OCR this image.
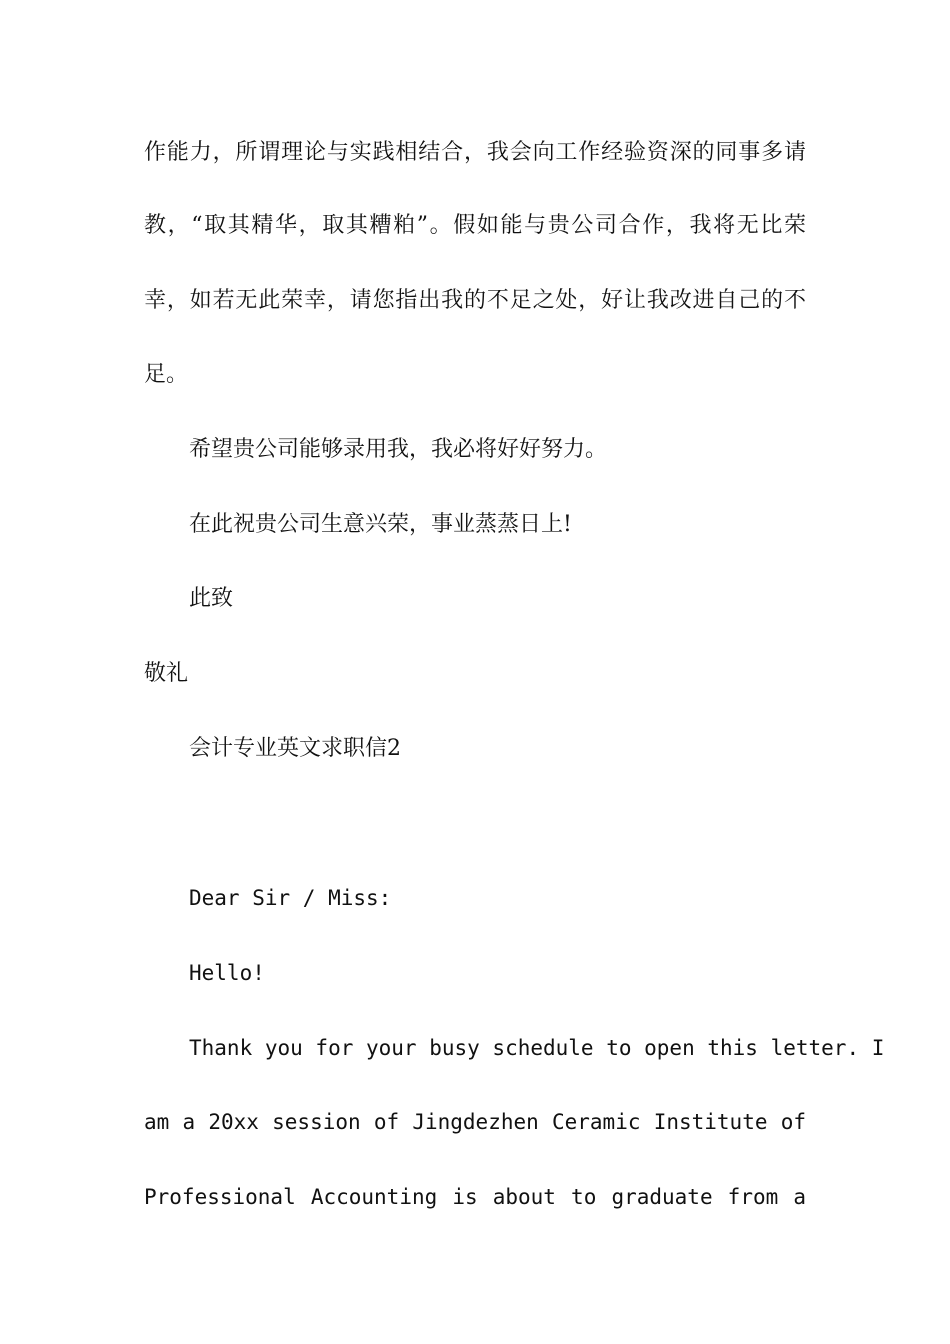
作能力，所谓理论与实践相结合，我会向工作经验资深的同事多请
教，“取其精华，取其糟粕”。假如能与贵公司合作，我将无比荣
幸，如若无此荣幸，请您指出我的不足之处，好让我改进自己的不
足。
希望贵公司能够录用我，我必将好好努力。
在此祝贵公司生意兴荣，事业蒸蒸日上!
此致
敬礼
会计专业英文求职信2
Dear Sir / Miss:
Hello!
Thank you for your busy schedule to open this letter. I
am a 20xx session of Jingdezhen Ceramic Institute of
Professional Accounting is about to graduate from a
